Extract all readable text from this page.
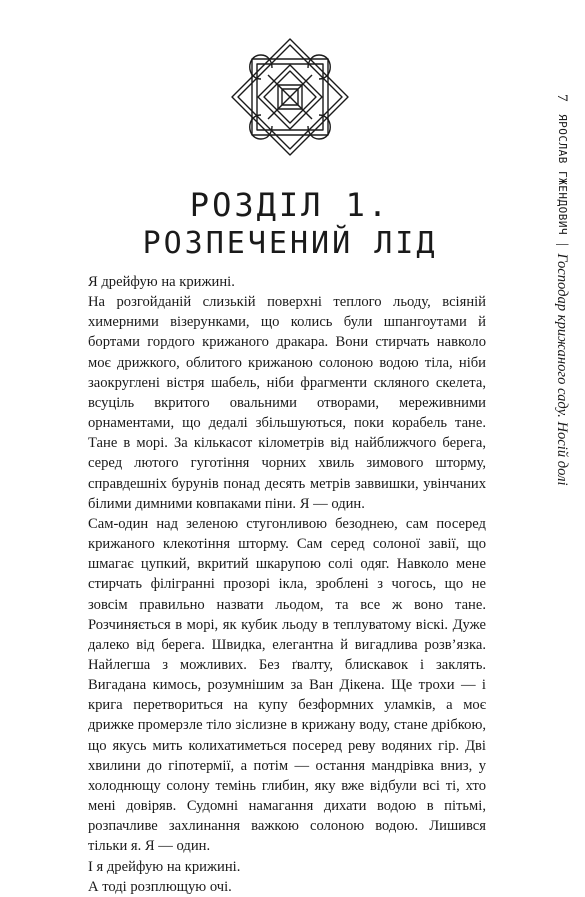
РОЗДІЛ 1.
РОЗПЕЧЕНИЙ ЛІД

Я дрейфую на крижині.

На розгойданій слизькій поверхні теплого льоду, всіяній химерними візерунками, що колись були шпангоутами й бортами гордого крижаного дракара. Вони стирчать навколо моє дрижкого, облитого крижаною солоною водою тіла, ніби заокруглені вістря шабель, ніби фрагменти скляного скелета, всуціль вкритого овальними отворами, мереживними орнаментами, що дедалі збільшуються, поки корабель тане. Тане в морі. За кількасот кілометрів від найближчого берега, серед лютого гуготіння чорних хвиль зимового шторму, справдешніх бурунів понад десять метрів заввишки, увінчаних білими димними ковпаками піни. Я — один.

Сам-один над зеленою стугонливою безоднею, сам посеред крижаного клекотіння шторму. Сам серед солоної завії, що шмагає цупкий, вкритий шкарупою солі одяг. Навколо мене стирчать філігранні прозорі ікла, зроблені з чогось, що не зовсім правильно назвати льодом, та все ж воно тане. Розчиняється в морі, як кубик льоду в теплуватому віскі. Дуже далеко від берега. Швидка, елегантна й вигадлива розв’язка. Найлегша з можливих. Без ґвалту, блискавок і заклять. Вигадана кимось, розумнішим за Ван Дікена. Ще трохи — і крига перетвориться на купу безформних уламків, а моє дрижке промерзле тіло зіслизне в крижану воду, стане дрібкою, що якусь мить колихатиметься посеред реву водяних гір. Дві хвилини до гіпотермії, а потім — остання мандрівка вниз, у холоднющу солону темінь глибин, яку вже відбули всі ті, хто мені довіряв. Судомні намагання дихати водою в пітьмі, розпачливе захлинання важкою солоною водою. Лишився тільки я. Я — один.

І я дрейфую на крижині.

А тоді розплющую очі.

7 ЯРОСЛАВ ГЖЕНДОВИЧ | Господар крижаного саду. Носій долі
